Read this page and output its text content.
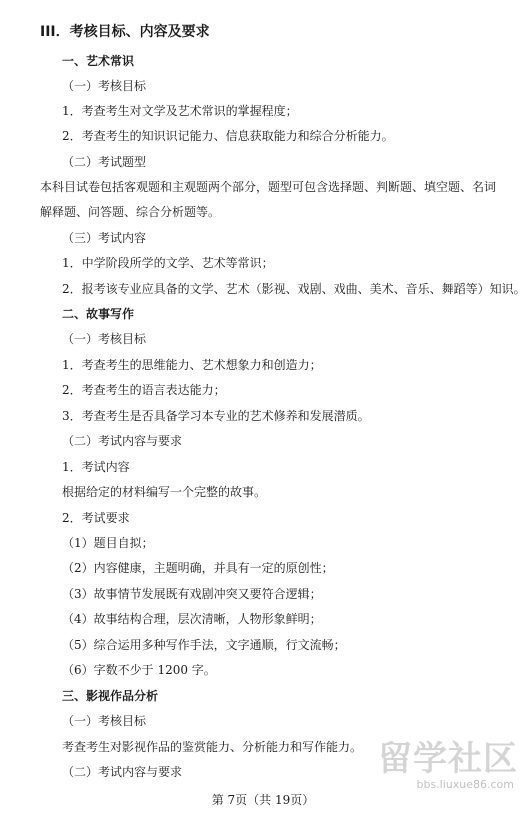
III．考核目标、内容及要求
一、艺术常识
（一）考核目标
1．考查考生对文学及艺术常识的掌握程度；
2．考查考生的知识识记能力、信息获取能力和综合分析能力。
（二）考试题型
本科目试卷包括客观题和主观题两个部分，题型可包含选择题、判断题、填空题、名词
解释题、问答题、综合分析题等。
（三）考试内容
1．中学阶段所学的文学、艺术等常识；
2．报考该专业应具备的文学、艺术（影视、戏剧、戏曲、美术、音乐、舞蹈等）知识。
二、故事写作
（一）考核目标
1．考查考生的思维能力、艺术想象力和创造力；
2．考查考生的语言表达能力；
3．考查考生是否具备学习本专业的艺术修养和发展潜质。
（二）考试内容与要求
1．考试内容
根据给定的材料编写一个完整的故事。
2．考试要求
（1）题目自拟；
（2）内容健康，主题明确，并具有一定的原创性；
（3）故事情节发展既有戏剧冲突又要符合逻辑；
（4）故事结构合理，层次清晰，人物形象鲜明；
（5）综合运用多种写作手法，文字通顺，行文流畅；
（6）字数不少于 1200 字。
三、影视作品分析
（一）考核目标
考查考生对影视作品的鉴赏能力、分析能力和写作能力。
（二）考试内容与要求
第 7页（共 19页）
留学社区
bbs.liuxue86.com
